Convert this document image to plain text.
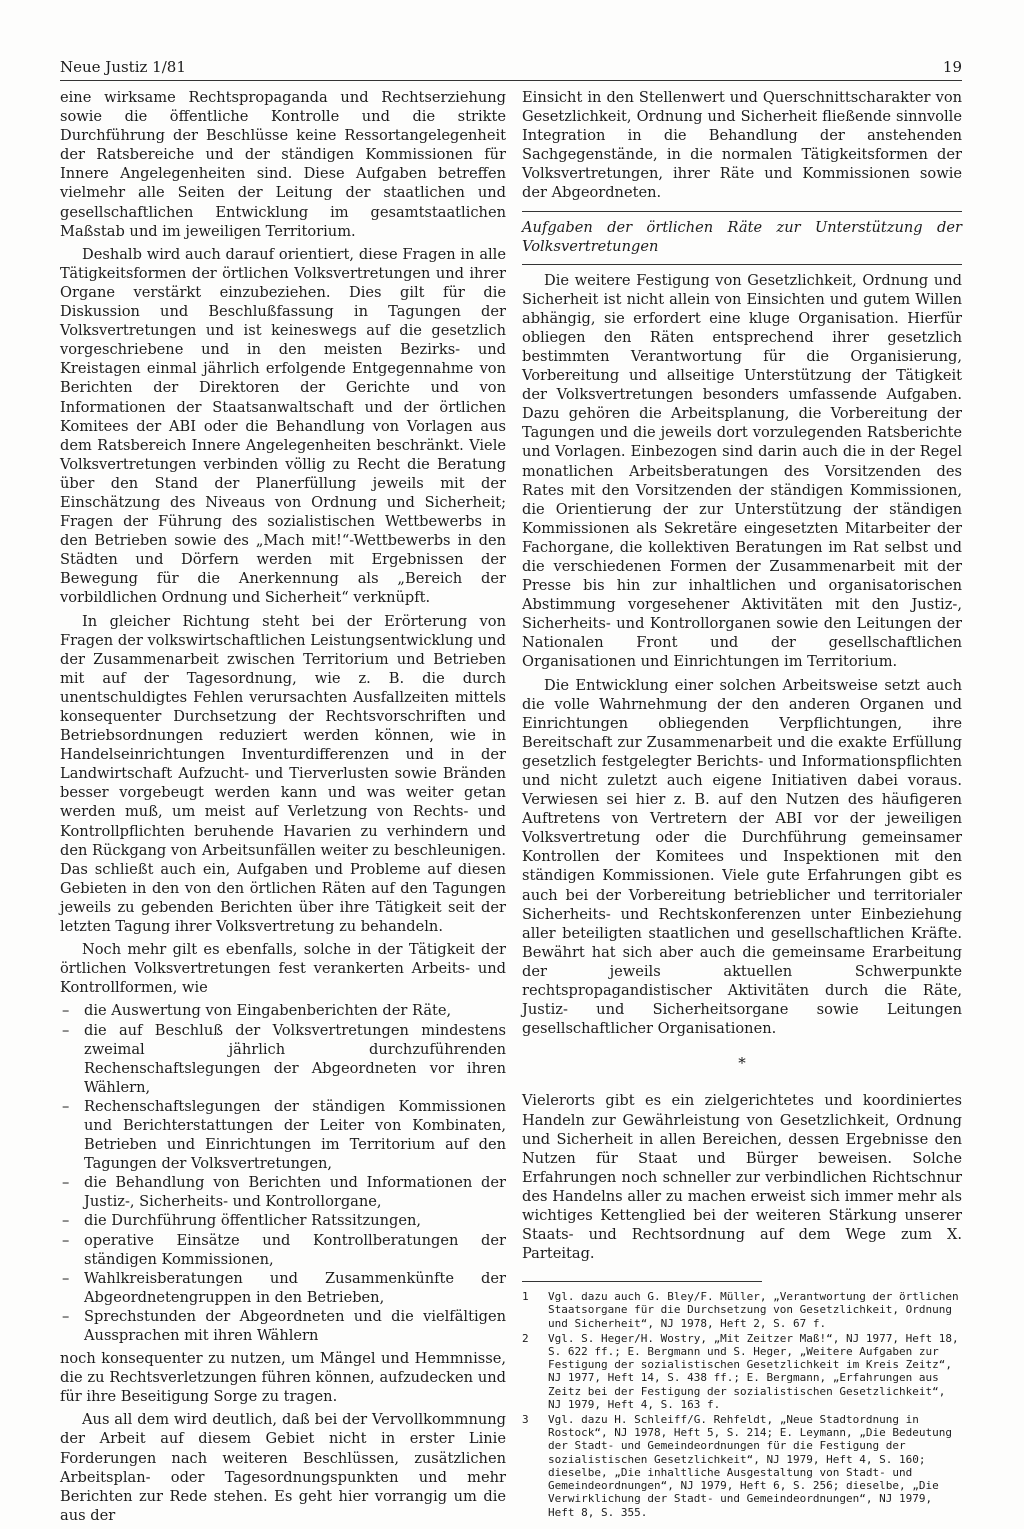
Neue Justiz 1/81	19

eine wirksame Rechtspropaganda und Rechtserziehung sowie die öffentliche Kontrolle und die strikte Durchführung der Beschlüsse keine Ressortangelegenheit der Ratsbereiche und der ständigen Kommissionen für Innere Angelegenheiten sind. Diese Aufgaben betreffen vielmehr alle Seiten der Leitung der staatlichen und gesellschaftlichen Entwicklung im gesamtstaatlichen Maßstab und im jeweiligen Territorium.

Deshalb wird auch darauf orientiert, diese Fragen in alle Tätigkeitsformen der örtlichen Volksvertretungen und ihrer Organe verstärkt einzubeziehen. Dies gilt für die Diskussion und Beschlußfassung in Tagungen der Volksvertretungen und ist keineswegs auf die gesetzlich vorgeschriebene und in den meisten Bezirks- und Kreistagen einmal jährlich erfolgende Entgegennahme von Berichten der Direktoren der Gerichte und von Informationen der Staatsanwaltschaft und der örtlichen Komitees der ABI oder die Behandlung von Vorlagen aus dem Ratsbereich Innere Angelegenheiten beschränkt. Viele Volksvertretungen verbinden völlig zu Recht die Beratung über den Stand der Planerfüllung jeweils mit der Einschätzung des Niveaus von Ordnung und Sicherheit; Fragen der Führung des sozialistischen Wettbewerbs in den Betrieben sowie des „Mach mit!“-Wettbewerbs in den Städten und Dörfern werden mit Ergebnissen der Bewegung für die Anerkennung als „Bereich der vorbildlichen Ordnung und Sicherheit“ verknüpft.

In gleicher Richtung steht bei der Erörterung von Fragen der volkswirtschaftlichen Leistungsentwicklung und der Zusammenarbeit zwischen Territorium und Betrieben mit auf der Tagesordnung, wie z. B. die durch unentschuldigtes Fehlen verursachten Ausfallzeiten mittels konsequenter Durchsetzung der Rechtsvorschriften und Betriebsordnungen reduziert werden können, wie in Handelseinrichtungen Inventurdifferenzen und in der Landwirtschaft Aufzucht- und Tierverlusten sowie Bränden besser vorgebeugt werden kann und was weiter getan werden muß, um meist auf Verletzung von Rechts- und Kontrollpflichten beruhende Havarien zu verhindern und den Rückgang von Arbeitsunfällen weiter zu beschleunigen. Das schließt auch ein, Aufgaben und Probleme auf diesen Gebieten in den von den örtlichen Räten auf den Tagungen jeweils zu gebenden Berichten über ihre Tätigkeit seit der letzten Tagung ihrer Volksvertretung zu behandeln.

Noch mehr gilt es ebenfalls, solche in der Tätigkeit der örtlichen Volksvertretungen fest verankerten Arbeits- und Kontrollformen, wie

– die Auswertung von Eingabenberichten der Räte,
– die auf Beschluß der Volksvertretungen mindestens zweimal jährlich durchzuführenden Rechenschaftslegungen der Abgeordneten vor ihren Wählern,
– Rechenschaftslegungen der ständigen Kommissionen und Berichterstattungen der Leiter von Kombinaten, Betrieben und Einrichtungen im Territorium auf den Tagungen der Volksvertretungen,
– die Behandlung von Berichten und Informationen der Justiz-, Sicherheits- und Kontrollorgane,
– die Durchführung öffentlicher Ratssitzungen,
– operative Einsätze und Kontrollberatungen der ständigen Kommissionen,
– Wahlkreisberatungen und Zusammenkünfte der Abgeordnetengruppen in den Betrieben,
– Sprechstunden der Abgeordneten und die vielfältigen Aussprachen mit ihren Wählern

noch konsequenter zu nutzen, um Mängel und Hemmnisse, die zu Rechtsverletzungen führen können, aufzudecken und für ihre Beseitigung Sorge zu tragen.

Aus all dem wird deutlich, daß bei der Vervollkommnung der Arbeit auf diesem Gebiet nicht in erster Linie Forderungen nach weiteren Beschlüssen, zusätzlichen Arbeitsplan- oder Tagesordnungspunkten und mehr Berichten zur Rede stehen. Es geht hier vorrangig um die aus der

Einsicht in den Stellenwert und Querschnittscharakter von Gesetzlichkeit, Ordnung und Sicherheit fließende sinnvolle Integration in die Behandlung der anstehenden Sachgegenstände, in die normalen Tätigkeitsformen der Volksvertretungen, ihrer Räte und Kommissionen sowie der Abgeordneten.

Aufgaben der örtlichen Räte zur Unterstützung der Volksvertretungen

Die weitere Festigung von Gesetzlichkeit, Ordnung und Sicherheit ist nicht allein von Einsichten und gutem Willen abhängig, sie erfordert eine kluge Organisation. Hierfür obliegen den Räten entsprechend ihrer gesetzlich bestimmten Verantwortung für die Organisierung, Vorbereitung und allseitige Unterstützung der Tätigkeit der Volksvertretungen besonders umfassende Aufgaben. Dazu gehören die Arbeitsplanung, die Vorbereitung der Tagungen und die jeweils dort vorzulegenden Ratsberichte und Vorlagen. Einbezogen sind darin auch die in der Regel monatlichen Arbeitsberatungen des Vorsitzenden des Rates mit den Vorsitzenden der ständigen Kommissionen, die Orientierung der zur Unterstützung der ständigen Kommissionen als Sekretäre eingesetzten Mitarbeiter der Fachorgane, die kollektiven Beratungen im Rat selbst und die verschiedenen Formen der Zusammenarbeit mit der Presse bis hin zur inhaltlichen und organisatorischen Abstimmung vorgesehener Aktivitäten mit den Justiz-, Sicherheits- und Kontrollorganen sowie den Leitungen der Nationalen Front und der gesellschaftlichen Organisationen und Einrichtungen im Territorium.

Die Entwicklung einer solchen Arbeitsweise setzt auch die volle Wahrnehmung der den anderen Organen und Einrichtungen obliegenden Verpflichtungen, ihre Bereitschaft zur Zusammenarbeit und die exakte Erfüllung gesetzlich festgelegter Berichts- und Informationspflichten und nicht zuletzt auch eigene Initiativen dabei voraus. Verwiesen sei hier z. B. auf den Nutzen des häufigeren Auftretens von Vertretern der ABI vor der jeweiligen Volksvertretung oder die Durchführung gemeinsamer Kontrollen der Komitees und Inspektionen mit den ständigen Kommissionen. Viele gute Erfahrungen gibt es auch bei der Vorbereitung betrieblicher und territorialer Sicherheits- und Rechtskonferenzen unter Einbeziehung aller beteiligten staatlichen und gesellschaftlichen Kräfte. Bewährt hat sich aber auch die gemeinsame Erarbeitung der jeweils aktuellen Schwerpunkte rechtspropagandistischer Aktivitäten durch die Räte, Justiz- und Sicherheitsorgane sowie Leitungen gesellschaftlicher Organisationen.

*

Vielerorts gibt es ein zielgerichtetes und koordiniertes Handeln zur Gewährleistung von Gesetzlichkeit, Ordnung und Sicherheit in allen Bereichen, dessen Ergebnisse den Nutzen für Staat und Bürger beweisen. Solche Erfahrungen noch schneller zur verbindlichen Richtschnur des Handelns aller zu machen erweist sich immer mehr als wichtiges Kettenglied bei der weiteren Stärkung unserer Staats- und Rechtsordnung auf dem Wege zum X. Parteitag.

1	Vgl. dazu auch G. Bley/F. Müller, „Verantwortung der örtlichen Staatsorgane für die Durchsetzung von Gesetzlichkeit, Ordnung und Sicherheit“, NJ 1978, Heft 2, S. 67 f.
2	Vgl. S. Heger/H. Wostry, „Mit Zeitzer Maß!“, NJ 1977, Heft 18, S. 622 ff.; E. Bergmann und S. Heger, „Weitere Aufgaben zur Festigung der sozialistischen Gesetzlichkeit im Kreis Zeitz“, NJ 1977, Heft 14, S. 438 ff.; E. Bergmann, „Erfahrungen aus Zeitz bei der Festigung der sozialistischen Gesetzlichkeit“, NJ 1979, Heft 4, S. 163 f.
3	Vgl. dazu H. Schleiff/G. Rehfeldt, „Neue Stadtordnung in Rostock“, NJ 1978, Heft 5, S. 214; E. Leymann, „Die Bedeutung der Stadt- und Gemeindeordnungen für die Festigung der sozialistischen Gesetzlichkeit“, NJ 1979, Heft 4, S. 160; dieselbe, „Die inhaltliche Ausgestaltung von Stadt- und Gemeindeordnungen“, NJ 1979, Heft 6, S. 256; dieselbe, „Die Verwirklichung der Stadt- und Gemeindeordnungen“, NJ 1979, Heft 8, S. 355.
